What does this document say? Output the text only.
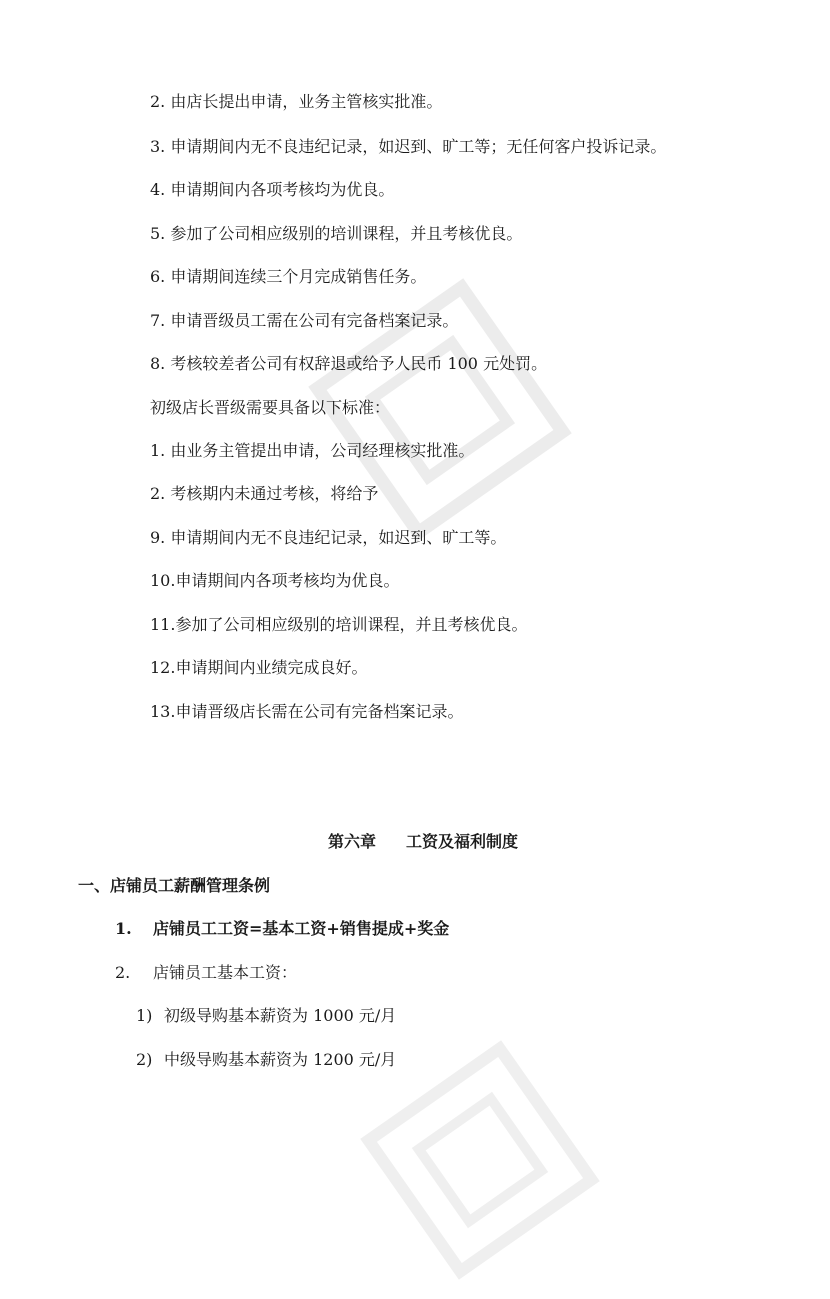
2. 由店长提出申请，业务主管核实批准。
3. 申请期间内无不良违纪记录，如迟到、旷工等；无任何客户投诉记录。
4. 申请期间内各项考核均为优良。
5. 参加了公司相应级别的培训课程，并且考核优良。
6. 申请期间连续三个月完成销售任务。
7. 申请晋级员工需在公司有完备档案记录。
8. 考核较差者公司有权辞退或给予人民币 100 元处罚。
初级店长晋级需要具备以下标准：
1. 由业务主管提出申请，公司经理核实批准。
2. 考核期内未通过考核，将给予
9. 申请期间内无不良违纪记录，如迟到、旷工等。
10.申请期间内各项考核均为优良。
11.参加了公司相应级别的培训课程，并且考核优良。
12.申请期间内业绩完成良好。
13.申请晋级店长需在公司有完备档案记录。
第六章 工资及福利制度
一、店铺员工薪酬管理条例
1. 店铺员工工资=基本工资+销售提成+奖金
2. 店铺员工基本工资：
1) 初级导购基本薪资为 1000 元/月
2) 中级导购基本薪资为 1200 元/月
